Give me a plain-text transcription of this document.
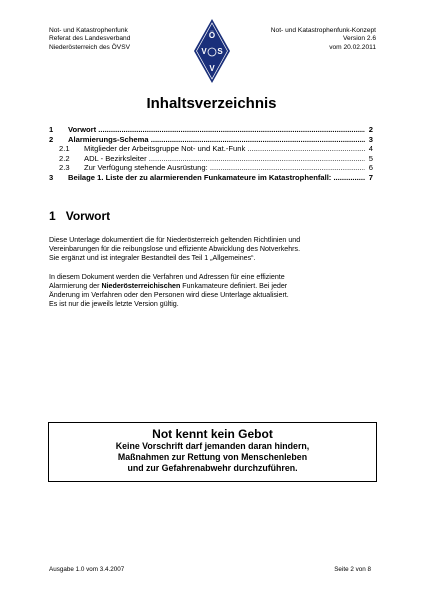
Not- und Katastrophenfunk
Referat des Landesverband
Niederösterreich des ÖVSV
Ö
V S
V
Not- und Katastrophenfunk-Konzept
Version 2.6
vom 20.02.2011
Inhaltsverzeichnis
1 Vorwort .....	2
2 Alarmierungs-Schema .....	3
2.1 Mitglieder der Arbeitsgruppe Not- und Kat.-Funk .....	4
2.2 ADL - Bezirksleiter .....	5
2.3 Zur Verfügung stehende Ausrüstung: .....	6
3 Beilage 1. Liste der zu alarmierenden Funkamateure im Katastrophenfall: .....	7
1 Vorwort
Diese Unterlage dokumentiert die für Niederösterreich geltenden Richtlinien und
Vereinbarungen für die reibungslose und effiziente Abwicklung des Notverkehrs.
Sie ergänzt und ist integraler Bestandteil des Teil 1 „Allgemeines“.
In diesem Dokument werden die Verfahren und Adressen für eine effiziente
Alarmierung der Niederösterreichischen Funkamateure definiert. Bei jeder
Änderung im Verfahren oder den Personen wird diese Unterlage aktualisiert.
Es ist nur die jeweils letzte Version gültig.
Not kennt kein Gebot
Keine Vorschrift darf jemanden daran hindern,
Maßnahmen zur Rettung von Menschenleben
und zur Gefahrenabwehr durchzuführen.
Ausgabe 1.0 vom 3.4.2007	Seite 2 von 8
